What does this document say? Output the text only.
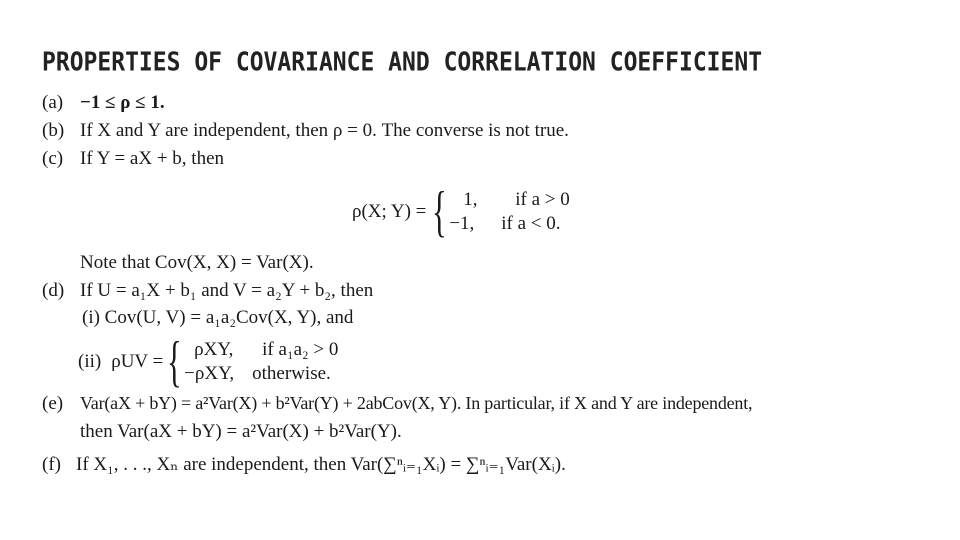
PROPERTIES OF COVARIANCE AND CORRELATION COEFFICIENT
(a) −1 ≤ ρ ≤ 1.
(b) If X and Y are independent, then ρ = 0. The converse is not true.
(c) If Y = aX + b, then
ρ(X; Y) = { 1, if a > 0
−1, if a < 0.
Note that Cov(X, X) = Var(X).
(d) If U = a₁X + b₁ and V = a₂Y + b₂, then
(i) Cov(U, V) = a₁a₂Cov(X, Y), and
(ii) ρUV = { ρXY, if a₁a₂ > 0
−ρXY, otherwise.
(e) Var(aX + bY) = a²Var(X) + b²Var(Y) + 2abCov(X, Y). In particular, if X and Y are independent,
then Var(aX + bY) = a²Var(X) + b²Var(Y).
(f) If X₁, . . ., Xₙ are independent, then Var(∑ⁿᵢ₌₁Xᵢ) = ∑ⁿᵢ₌₁Var(Xᵢ).
